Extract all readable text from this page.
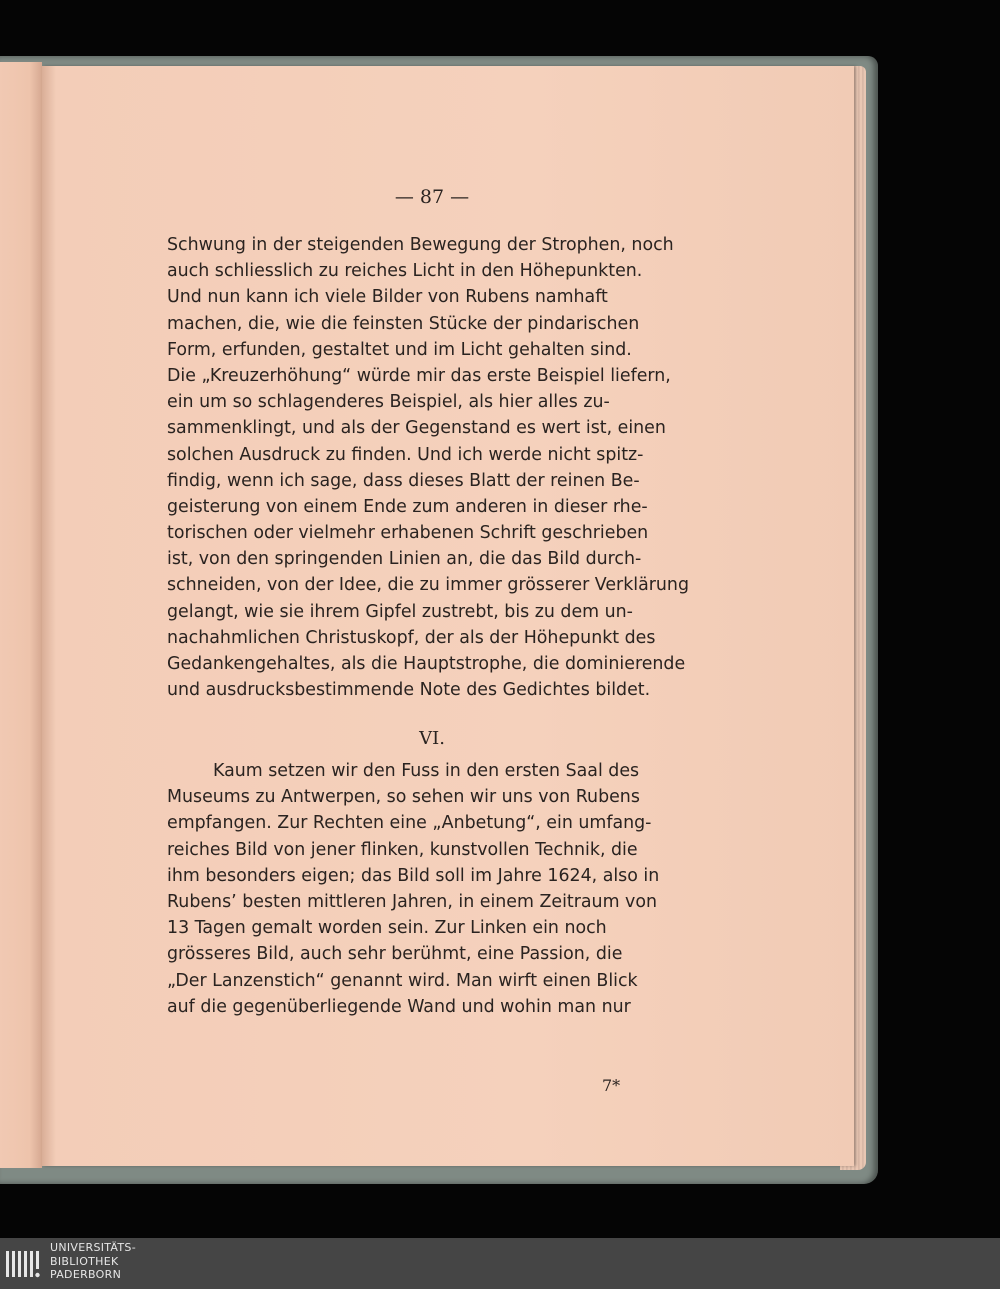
— 87 —
Schwung in der steigenden Bewegung der Strophen, noch
auch schliesslich zu reiches Licht in den Höhepunkten.
Und nun kann ich viele Bilder von Rubens namhaft
machen, die, wie die feinsten Stücke der pindarischen
Form, erfunden, gestaltet und im Licht gehalten sind.
Die „Kreuzerhöhung“ würde mir das erste Beispiel liefern,
ein um so schlagenderes Beispiel, als hier alles zu-
sammenklingt, und als der Gegenstand es wert ist, einen
solchen Ausdruck zu finden. Und ich werde nicht spitz-
findig, wenn ich sage, dass dieses Blatt der reinen Be-
geisterung von einem Ende zum anderen in dieser rhe-
torischen oder vielmehr erhabenen Schrift geschrieben
ist, von den springenden Linien an, die das Bild durch-
schneiden, von der Idee, die zu immer grösserer Verklärung
gelangt, wie sie ihrem Gipfel zustrebt, bis zu dem un-
nachahmlichen Christuskopf, der als der Höhepunkt des
Gedankengehaltes, als die Hauptstrophe, die dominierende
und ausdrucksbestimmende Note des Gedichtes bildet.
VI.
Kaum setzen wir den Fuss in den ersten Saal des
Museums zu Antwerpen, so sehen wir uns von Rubens
empfangen. Zur Rechten eine „Anbetung“, ein umfang-
reiches Bild von jener flinken, kunstvollen Technik, die
ihm besonders eigen; das Bild soll im Jahre 1624, also in
Rubens’ besten mittleren Jahren, in einem Zeitraum von
13 Tagen gemalt worden sein. Zur Linken ein noch
grösseres Bild, auch sehr berühmt, eine Passion, die
„Der Lanzenstich“ genannt wird. Man wirft einen Blick
auf die gegenüberliegende Wand und wohin man nur
7*
UNIVERSITÄTS-
BIBLIOTHEK
PADERBORN
